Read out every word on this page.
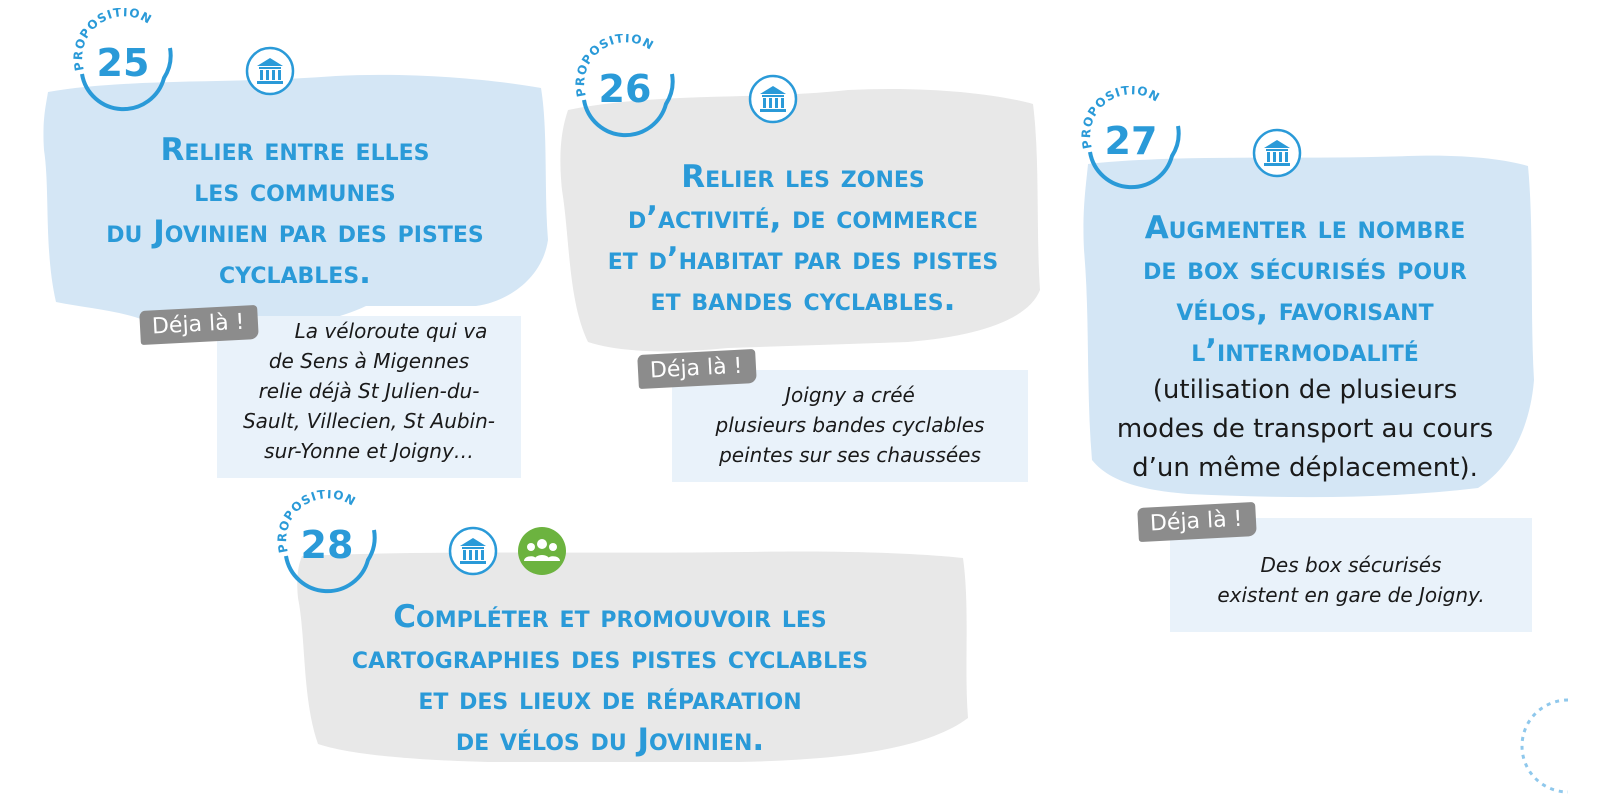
PROPOSITION
25
PROPOSITION
26
PROPOSITION
27
PROPOSITION
28
Relier entre elles
les communes
du Jovinien par des pistes
cyclables.
Relier les zones
d’activité, de commerce
et d’habitat par des pistes
et bandes cyclables.
Augmenter le nombre
de box sécurisés pour
vélos, favorisant
l’intermodalité
(utilisation de plusieurs
modes de transport au cours
d’un même déplacement).
Compléter et promouvoir les
cartographies des pistes cyclables
et des lieux de réparation
de vélos du Jovinien.
Déja là !
Déja là !
Déja là !
La véloroute qui va
de Sens à Migennes
relie déjà St Julien-du-
Sault, Villecien, St Aubin-
sur-Yonne et Joigny…
Joigny a créé
plusieurs bandes cyclables
peintes sur ses chaussées
Des box sécurisés
existent en gare de Joigny.
